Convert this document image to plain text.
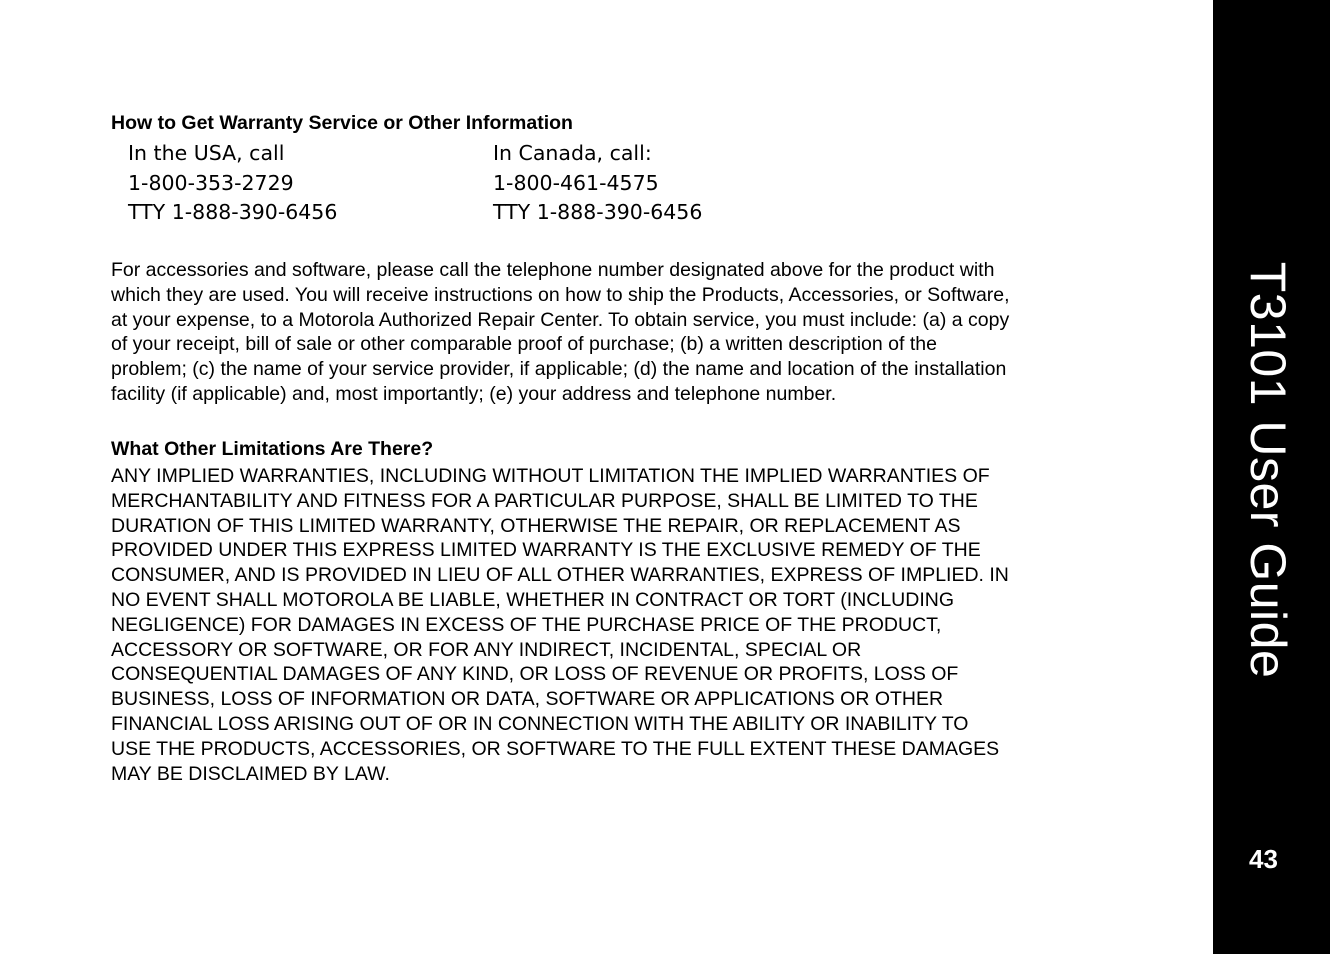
How to Get Warranty Service or Other Information
In the USA, call
1-800-353-2729
TTY 1-888-390-6456
In Canada, call:
1-800-461-4575
TTY 1-888-390-6456

For accessories and software, please call the telephone number designated above for the product with
which they are used. You will receive instructions on how to ship the Products, Accessories, or Software,
at your expense, to a Motorola Authorized Repair Center. To obtain service, you must include: (a) a copy
of your receipt, bill of sale or other comparable proof of purchase; (b) a written description of the
problem; (c) the name of your service provider, if applicable; (d) the name and location of the installation
facility (if applicable) and, most importantly; (e) your address and telephone number.

What Other Limitations Are There?

ANY IMPLIED WARRANTIES, INCLUDING WITHOUT LIMITATION THE IMPLIED WARRANTIES OF
MERCHANTABILITY AND FITNESS FOR A PARTICULAR PURPOSE, SHALL BE LIMITED TO THE
DURATION OF THIS LIMITED WARRANTY, OTHERWISE THE REPAIR, OR REPLACEMENT AS
PROVIDED UNDER THIS EXPRESS LIMITED WARRANTY IS THE EXCLUSIVE REMEDY OF THE
CONSUMER, AND IS PROVIDED IN LIEU OF ALL OTHER WARRANTIES, EXPRESS OF IMPLIED. IN
NO EVENT SHALL MOTOROLA BE LIABLE, WHETHER IN CONTRACT OR TORT (INCLUDING
NEGLIGENCE) FOR DAMAGES IN EXCESS OF THE PURCHASE PRICE OF THE PRODUCT,
ACCESSORY OR SOFTWARE, OR FOR ANY INDIRECT, INCIDENTAL, SPECIAL OR
CONSEQUENTIAL DAMAGES OF ANY KIND, OR LOSS OF REVENUE OR PROFITS, LOSS OF
BUSINESS, LOSS OF INFORMATION OR DATA, SOFTWARE OR APPLICATIONS OR OTHER
FINANCIAL LOSS ARISING OUT OF OR IN CONNECTION WITH THE ABILITY OR INABILITY TO
USE THE PRODUCTS, ACCESSORIES, OR SOFTWARE TO THE FULL EXTENT THESE DAMAGES
MAY BE DISCLAIMED BY LAW.

T3101 User Guide
43
